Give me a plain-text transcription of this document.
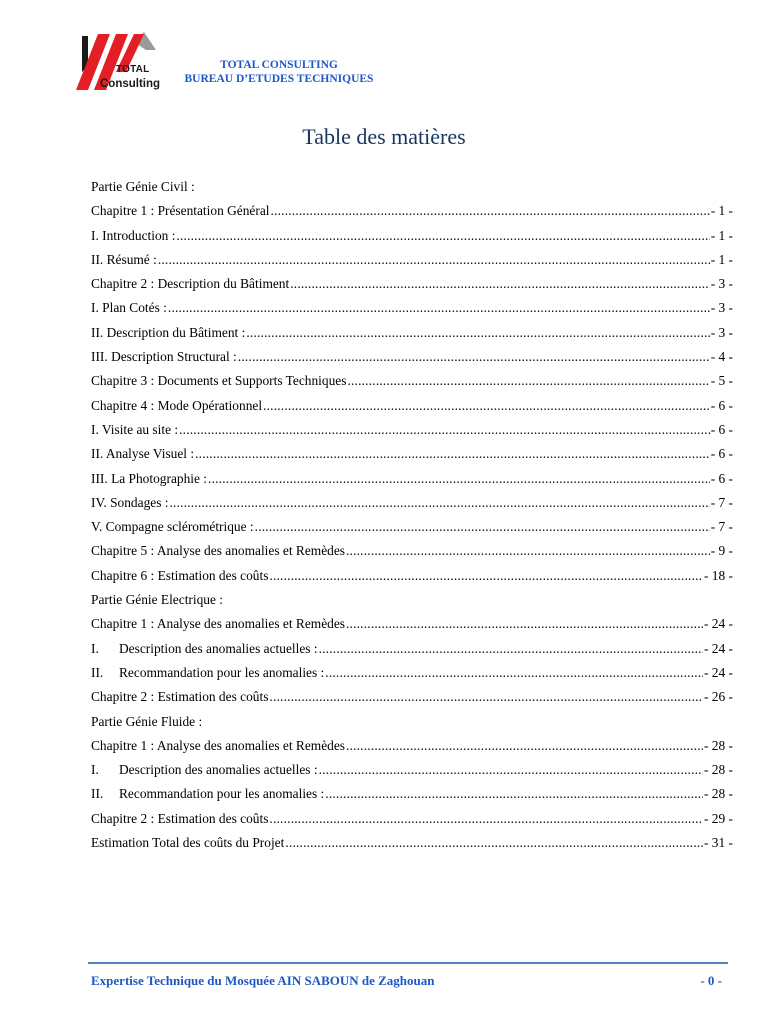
TOTAL
Consulting
TOTAL CONSULTING
BUREAU D’ETUDES TECHNIQUES
Table des matières
Partie Génie Civil :
Chapitre 1 : Présentation Général .....	- 1 -
I. Introduction : .....	- 1 -
II. Résumé : .....	- 1 -
Chapitre 2 : Description du Bâtiment .....	- 3 -
I. Plan Cotés : .....	- 3 -
II. Description du Bâtiment : .....	- 3 -
III. Description Structural : .....	- 4 -
Chapitre 3 : Documents et Supports Techniques .....	- 5 -
Chapitre 4 : Mode Opérationnel .....	- 6 -
I. Visite au site : .....	- 6 -
II. Analyse Visuel : .....	- 6 -
III. La Photographie : .....	- 6 -
IV. Sondages : .....	- 7 -
V. Compagne sclérométrique : .....	- 7 -
Chapitre 5 : Analyse des anomalies et Remèdes .....	- 9 -
Chapitre 6 : Estimation des coûts .....	- 18 -
Partie Génie Electrique :
Chapitre 1 : Analyse des anomalies et Remèdes .....	- 24 -
I.	Description des anomalies actuelles : .....	- 24 -
II.	Recommandation pour les anomalies : .....	- 24 -
Chapitre 2 : Estimation des coûts .....	- 26 -
Partie Génie Fluide :
Chapitre 1 : Analyse des anomalies et Remèdes .....	- 28 -
I.	Description des anomalies actuelles : .....	- 28 -
II.	Recommandation pour les anomalies : .....	- 28 -
Chapitre 2 : Estimation des coûts .....	- 29 -
Estimation Total des coûts du Projet .....	- 31 -
Expertise Technique du Mosquée AIN SABOUN de Zaghouan	- 0 -
